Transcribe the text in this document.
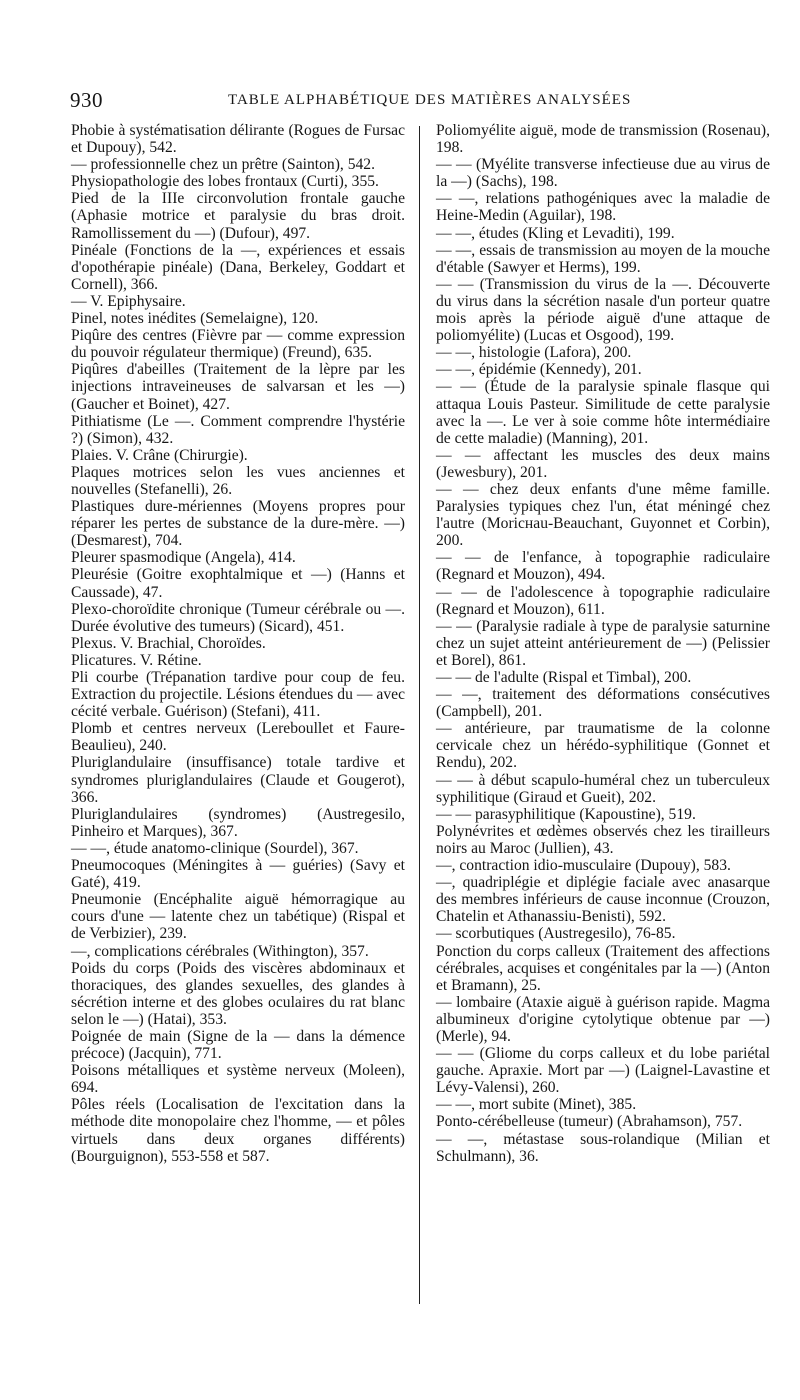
930	TABLE ALPHABÉTIQUE DES MATIÈRES ANALYSÉES

Phobie à systématisation délirante (Rogues de Fursac et Dupouy), 542.

— professionnelle chez un prêtre (Sainton), 542.

Physiopathologie des lobes frontaux (Curti), 355.

Pied de la IIIe circonvolution frontale gauche (Aphasie motrice et paralysie du bras droit. Ramollissement du —) (Dufour), 497.

Pinéale (Fonctions de la —, expériences et essais d'opothérapie pinéale) (Dana, Berkeley, Goddart et Cornell), 366.

— V. Epiphysaire.

Pinel, notes inédites (Semelaigne), 120.

Piqûre des centres (Fièvre par — comme expression du pouvoir régulateur thermique) (Freund), 635.

Piqûres d'abeilles (Traitement de la lèpre par les injections intraveineuses de salvarsan et les —) (Gaucher et Boinet), 427.

Pithiatisme (Le —. Comment comprendre l'hystérie ?) (Simon), 432.

Plaies. V. Crâne (Chirurgie).

Plaques motrices selon les vues anciennes et nouvelles (Stefanelli), 26.

Plastiques dure-mériennes (Moyens propres pour réparer les pertes de substance de la dure-mère. —) (Desmarest), 704.

Pleurer spasmodique (Angela), 414.

Pleurésie (Goitre exophtalmique et —) (Hanns et Caussade), 47.

Plexo-choroïdite chronique (Tumeur cérébrale ou —. Durée évolutive des tumeurs) (Sicard), 451.

Plexus. V. Brachial, Choroïdes.

Plicatures. V. Rétine.

Pli courbe (Trépanation tardive pour coup de feu. Extraction du projectile. Lésions étendues du — avec cécité verbale. Guérison) (Stefani), 411.

Plomb et centres nerveux (Lereboullet et Faure-Beaulieu), 240.

Pluriglandulaire (insuffisance) totale tardive et syndromes pluriglandulaires (Claude et Gougerot), 366.

Pluriglandulaires (syndromes) (Austregesilo, Pinheiro et Marques), 367.

— —, étude anatomo-clinique (Sourdel), 367.

Pneumocoques (Méningites à — guéries) (Savy et Gaté), 419.

Pneumonie (Encéphalite aiguë hémorragique au cours d'une — latente chez un tabétique) (Rispal et de Verbizier), 239.

—, complications cérébrales (Withington), 357.

Poids du corps (Poids des viscères abdominaux et thoraciques, des glandes sexuelles, des glandes à sécrétion interne et des globes oculaires du rat blanc selon le —) (Hatai), 353.

Poignée de main (Signe de la — dans la démence précoce) (Jacquin), 771.

Poisons métalliques et système nerveux (Moleen), 694.

Pôles réels (Localisation de l'excitation dans la méthode dite monopolaire chez l'homme, — et pôles virtuels dans deux organes différents) (Bourguignon), 553-558 et 587.

Poliomyélite aiguë, mode de transmission (Rosenau), 198.

— — (Myélite transverse infectieuse due au virus de la —) (Sachs), 198.

— —, relations pathogéniques avec la maladie de Heine-Medin (Aguilar), 198.

— —, études (Kling et Levaditi), 199.

— —, essais de transmission au moyen de la mouche d'étable (Sawyer et Herms), 199.

— — (Transmission du virus de la —. Découverte du virus dans la sécrétion nasale d'un porteur quatre mois après la période aiguë d'une attaque de poliomyélite) (Lucas et Osgood), 199.

— —, histologie (Lafora), 200.

— —, épidémie (Kennedy), 201.

— — (Étude de la paralysie spinale flasque qui attaqua Louis Pasteur. Similitude de cette paralysie avec la —. Le ver à soie comme hôte intermédiaire de cette maladie) (Manning), 201.

— — affectant les muscles des deux mains (Jewesbury), 201.

— — chez deux enfants d'une même famille. Paralysies typiques chez l'un, état méningé chez l'autre (Moricнau-Beauchant, Guyonnet et Corbin), 200.

— — de l'enfance, à topographie radiculaire (Regnard et Mouzon), 494.

— — de l'adolescence à topographie radiculaire (Regnard et Mouzon), 611.

— — (Paralysie radiale à type de paralysie saturnine chez un sujet atteint antérieurement de —) (Pelissier et Borel), 861.

— — de l'adulte (Rispal et Timbal), 200.

— —, traitement des déformations consécutives (Campbell), 201.

— antérieure, par traumatisme de la colonne cervicale chez un hérédo-syphilitique (Gonnet et Rendu), 202.

— — à début scapulo-huméral chez un tuberculeux syphilitique (Giraud et Gueit), 202.

— — parasyphilitique (Kapoustine), 519.

Polynévrites et œdèmes observés chez les tirailleurs noirs au Maroc (Jullien), 43.

—, contraction idio-musculaire (Dupouy), 583.

—, quadriplégie et diplégie faciale avec anasarque des membres inférieurs de cause inconnue (Crouzon, Chatelin et Athanassiu-Benisti), 592.

— scorbutiques (Austregesilo), 76-85.

Ponction du corps calleux (Traitement des affections cérébrales, acquises et congénitales par la —) (Anton et Bramann), 25.

— lombaire (Ataxie aiguë à guérison rapide. Magma albumineux d'origine cytolytique obtenue par —) (Merle), 94.

— — (Gliome du corps calleux et du lobe pariétal gauche. Apraxie. Mort par —) (Laignel-Lavastine et Lévy-Valensi), 260.

— —, mort subite (Minet), 385.

Ponto-cérébelleuse (tumeur) (Abrahamson), 757.

— —, métastase sous-rolandique (Milian et Schulmann), 36.
